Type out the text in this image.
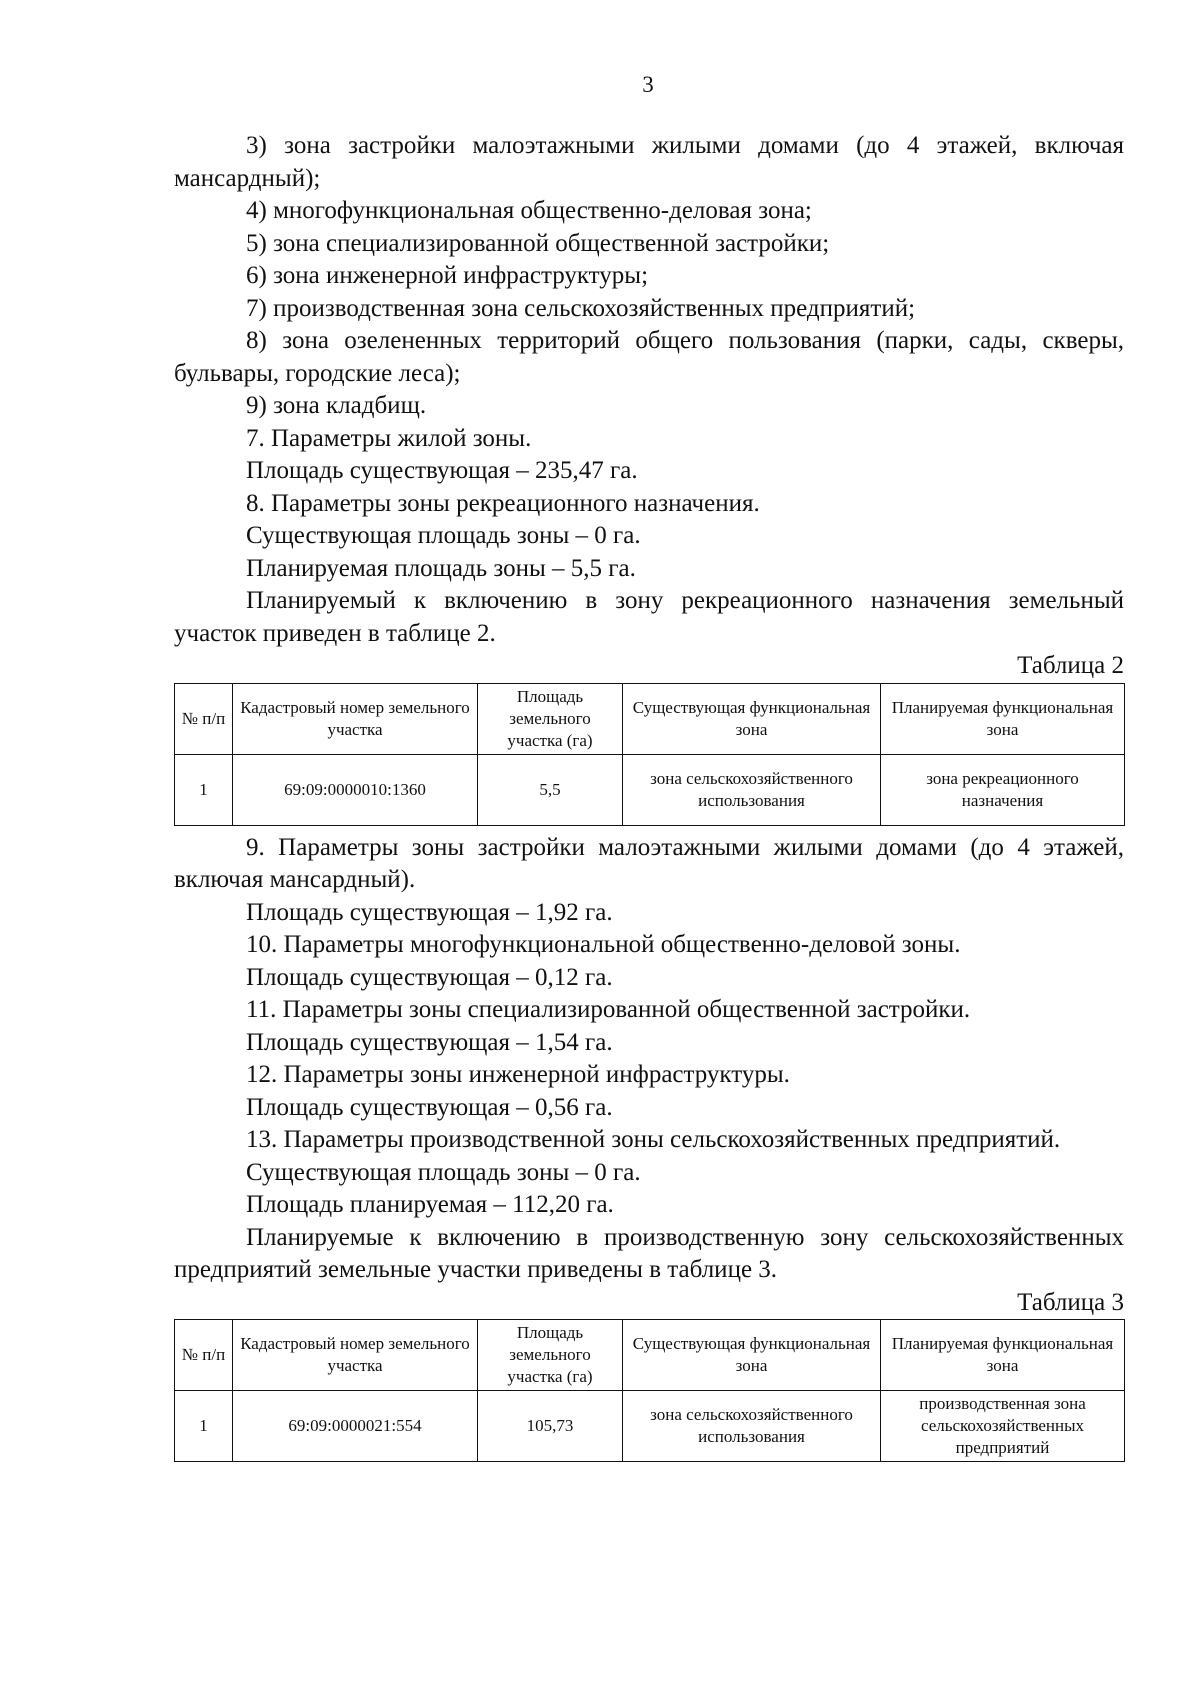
3

3) зона застройки малоэтажными жилыми домами (до 4 этажей, включая мансардный);

4) многофункциональная общественно-деловая зона;

5) зона специализированной общественной застройки;

6) зона инженерной инфраструктуры;

7) производственная зона сельскохозяйственных предприятий;

8) зона озелененных территорий общего пользования (парки, сады, скверы, бульвары, городские леса);

9) зона кладбищ.

7. Параметры жилой зоны.

Площадь существующая – 235,47 га.

8. Параметры зоны рекреационного назначения.

Существующая площадь зоны – 0 га.

Планируемая площадь зоны – 5,5 га.

Планируемый к включению в зону рекреационного назначения земельный участок приведен в таблице 2.

Таблица 2

№ п/п	Кадастровый номер земельного участка	Площадь земельного участка (га)	Существующая функциональная зона	Планируемая функциональная зона
1	69:09:0000010:1360	5,5	зона сельскохозяйственного использования	зона рекреационного назначения

9. Параметры зоны застройки малоэтажными жилыми домами (до 4 этажей, включая мансардный).

Площадь существующая – 1,92 га.

10. Параметры многофункциональной общественно-деловой зоны.

Площадь существующая – 0,12 га.

11. Параметры зоны специализированной общественной застройки.

Площадь существующая – 1,54 га.

12. Параметры зоны инженерной инфраструктуры.

Площадь существующая – 0,56 га.

13. Параметры производственной зоны сельскохозяйственных предприятий.

Существующая площадь зоны – 0 га.

Площадь планируемая – 112,20 га.

Планируемые к включению в производственную зону сельскохозяйственных предприятий земельные участки приведены в таблице 3.

Таблица 3

№ п/п	Кадастровый номер земельного участка	Площадь земельного участка (га)	Существующая функциональная зона	Планируемая функциональная зона
1	69:09:0000021:554	105,73	зона сельскохозяйственного использования	производственная зона сельскохозяйственных предприятий
